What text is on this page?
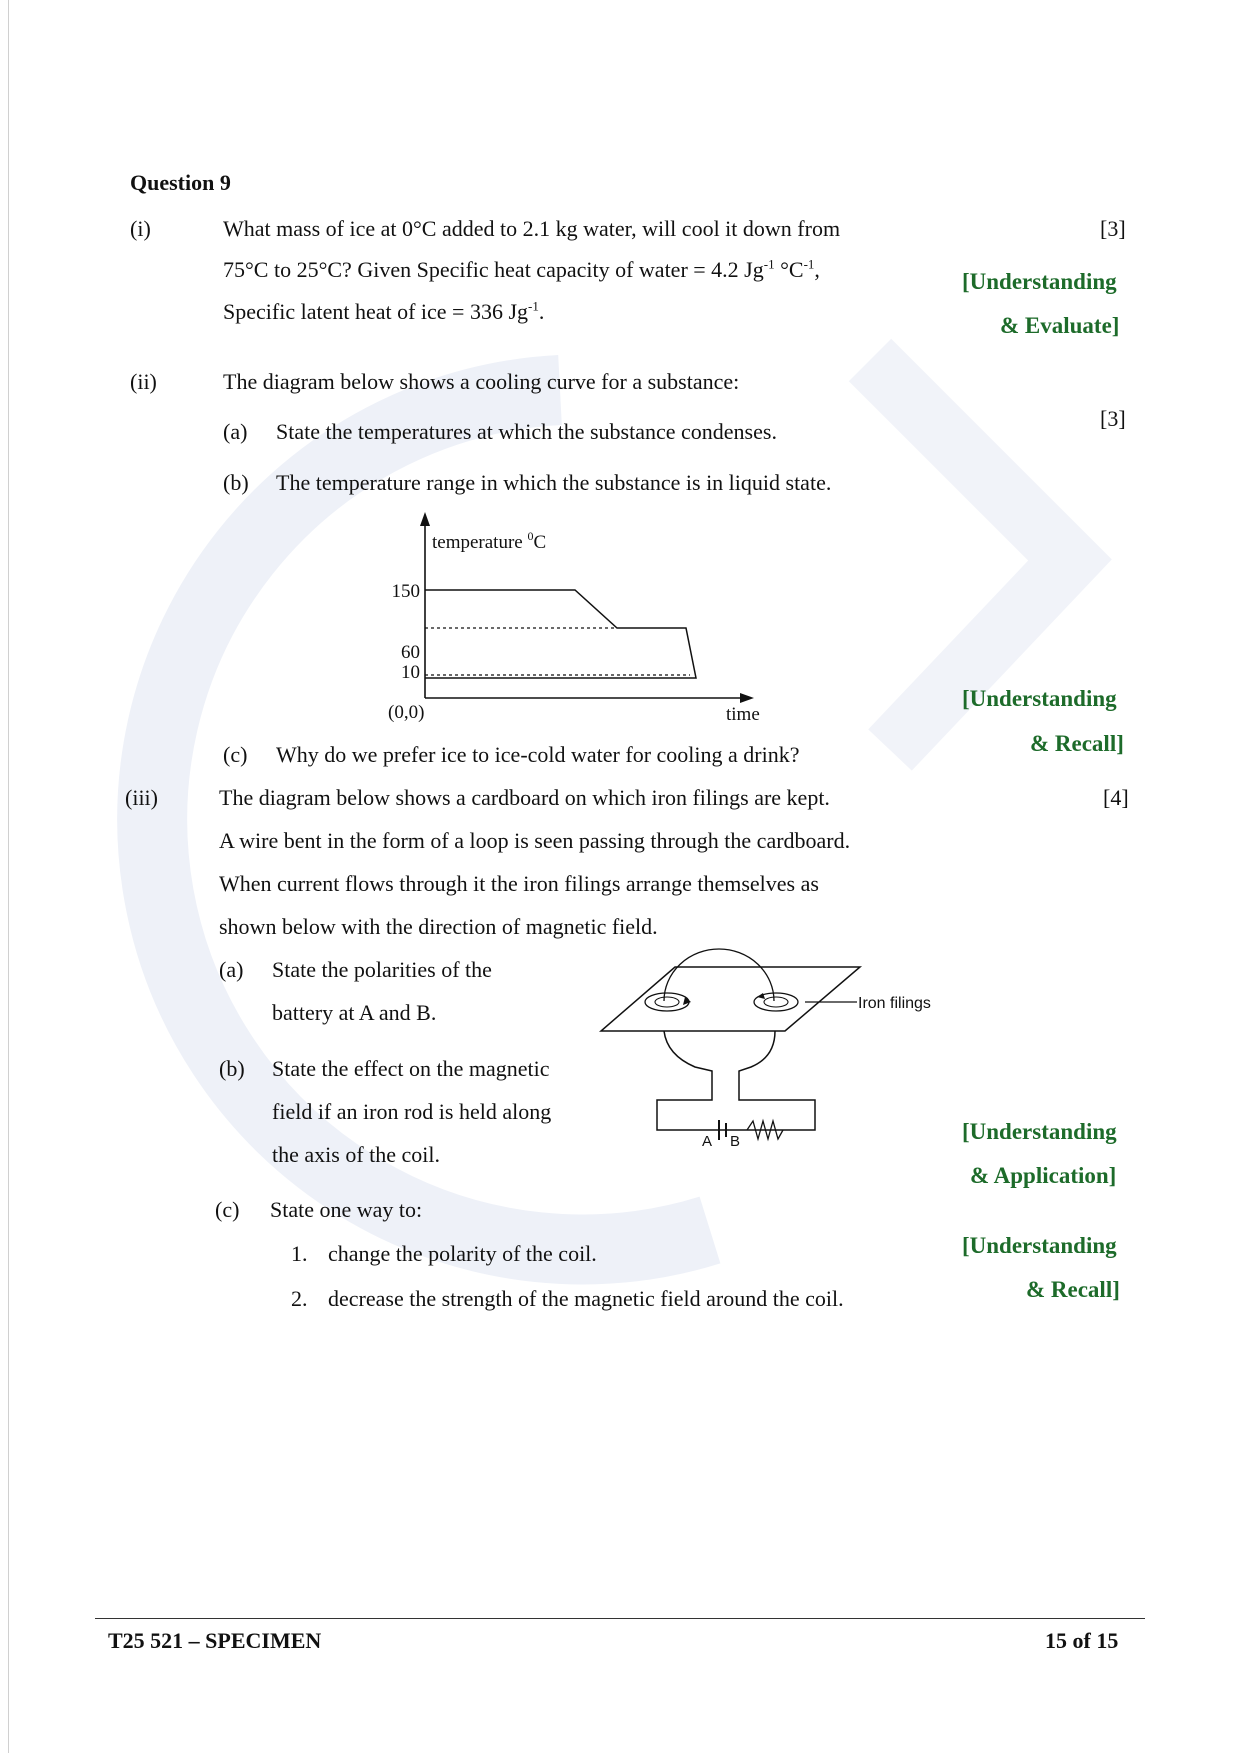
Question 9
(i)	What mass of ice at 0°C added to 2.1 kg water, will cool it down from
75°C to 25°C? Given Specific heat capacity of water = 4.2 $Jg^{-1}$ $^\circ C^{-1}$,
Specific latent heat of ice = 336 $Jg^{-1}$.
[3]
[Understanding
& Evaluate]
(ii)	The diagram below shows a cooling curve for a substance:
[3]
(a) State the temperatures at which the substance condenses.
(b) The temperature range in which the substance is in liquid state.
temperature $^0$C
150
60
10
(0,0)	time
[Understanding
& Recall]
(c) Why do we prefer ice to ice-cold water for cooling a drink?
(iii)	The diagram below shows a cardboard on which iron filings are kept.	[4]
A wire bent in the form of a loop is seen passing through the cardboard.
When current flows through it the iron filings arrange themselves as
shown below with the direction of magnetic field.
(a) State the polarities of the
battery at A and B.
(b) State the effect on the magnetic
field if an iron rod is held along
the axis of the coil.
Iron filings
A B	[Understanding
& Application]
(c) State one way to:
1. change the polarity of the coil.
2. decrease the strength of the magnetic field around the coil.
[Understanding
& Recall]
T25 521 – SPECIMEN	15 of 15
